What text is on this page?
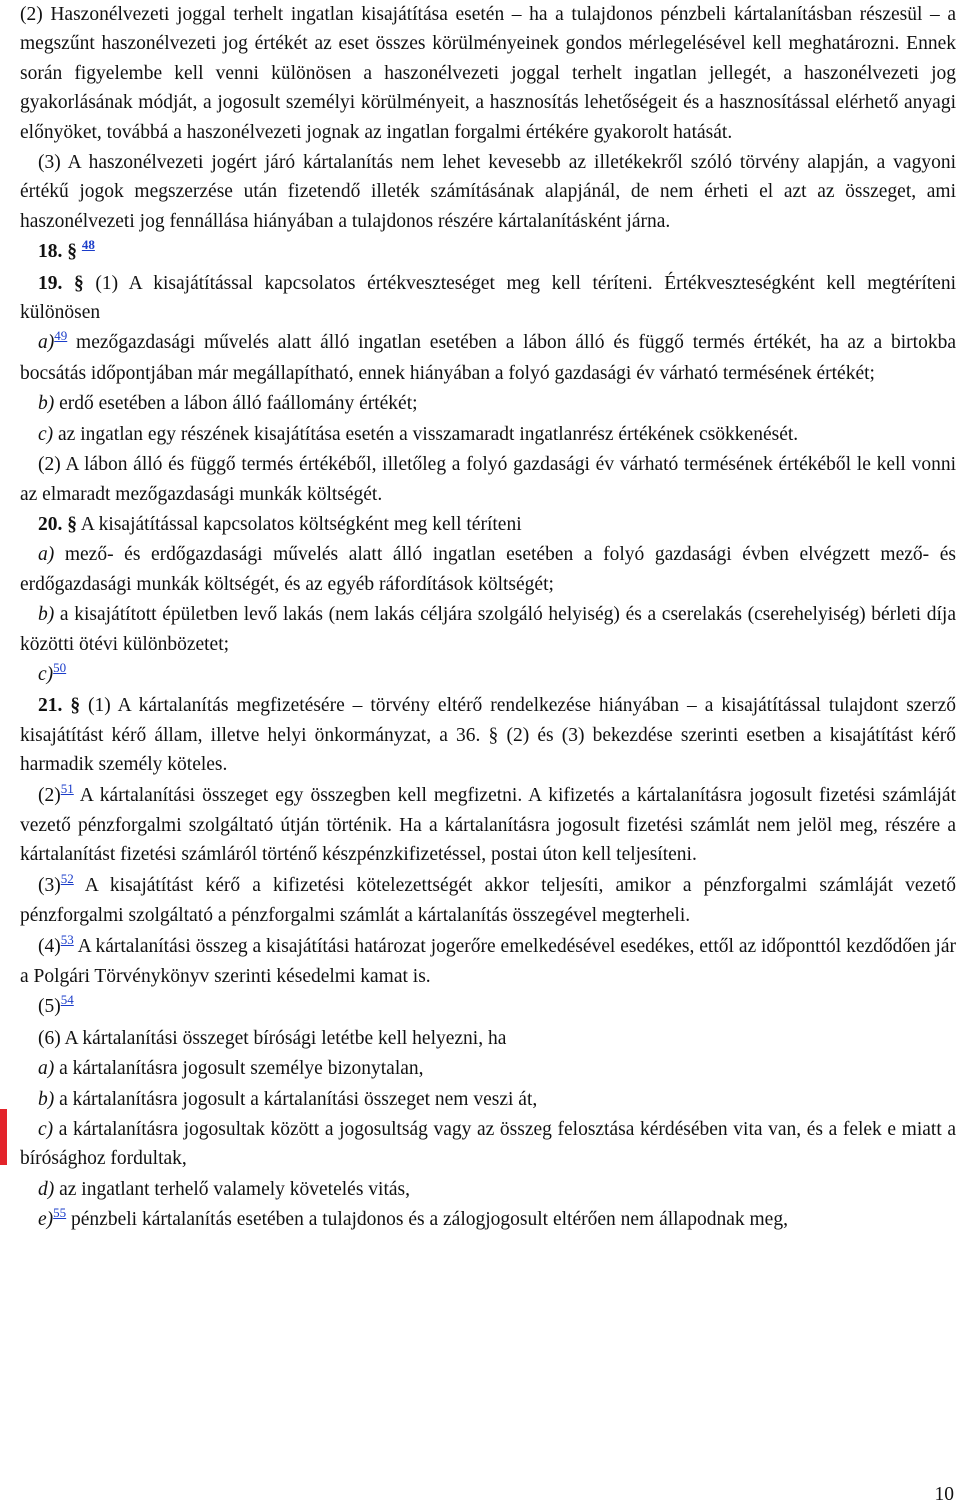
(2) Haszonélvezeti joggal terhelt ingatlan kisajátítása esetén – ha a tulajdonos pénzbeli kártalanításban részesül – a megszűnt haszonélvezeti jog értékét az eset összes körülményeinek gondos mérlegelésével kell meghatározni. Ennek során figyelembe kell venni különösen a haszonélvezeti joggal terhelt ingatlan jellegét, a haszonélvezeti jog gyakorlásának módját, a jogosult személyi körülményeit, a hasznosítás lehetőségeit és a hasznosítással elérhető anyagi előnyöket, továbbá a haszonélvezeti jognak az ingatlan forgalmi értékére gyakorolt hatását.

(3) A haszonélvezeti jogért járó kártalanítás nem lehet kevesebb az illetékekről szóló törvény alapján, a vagyoni értékű jogok megszerzése után fizetendő illeték számításának alapjánál, de nem érheti el azt az összeget, ami haszonélvezeti jog fennállása hiányában a tulajdonos részére kártalanításként járna.

18. § $^{48}$

19. § (1) A kisajátítással kapcsolatos értékveszteséget meg kell téríteni. Értékveszteségként kell megtéríteni különösen

a)$^{49}$ mezőgazdasági művelés alatt álló ingatlan esetében a lábon álló és függő termés értékét, ha az a birtokba bocsátás időpontjában már megállapítható, ennek hiányában a folyó gazdasági év várható termésének értékét;

b) erdő esetében a lábon álló faállomány értékét;

c) az ingatlan egy részének kisajátítása esetén a visszamaradt ingatlanrész értékének csökkenését.

(2) A lábon álló és függő termés értékéből, illetőleg a folyó gazdasági év várható termésének értékéből le kell vonni az elmaradt mezőgazdasági munkák költségét.

20. § A kisajátítással kapcsolatos költségként meg kell téríteni

a) mező- és erdőgazdasági művelés alatt álló ingatlan esetében a folyó gazdasági évben elvégzett mező- és erdőgazdasági munkák költségét, és az egyéb ráfordítások költségét;

b) a kisajátított épületben levő lakás (nem lakás céljára szolgáló helyiség) és a cserelakás (cserehelyiség) bérleti díja közötti ötévi különbözetet;

c)$^{50}$

21. § (1) A kártalanítás megfizetésére – törvény eltérő rendelkezése hiányában – a kisajátítással tulajdont szerző kisajátítást kérő állam, illetve helyi önkormányzat, a 36. § (2) és (3) bekezdése szerinti esetben a kisajátítást kérő harmadik személy köteles.

(2)$^{51}$ A kártalanítási összeget egy összegben kell megfizetni. A kifizetés a kártalanításra jogosult fizetési számláját vezető pénzforgalmi szolgáltató útján történik. Ha a kártalanításra jogosult fizetési számlát nem jelöl meg, részére a kártalanítást fizetési számláról történő készpénzkifizetéssel, postai úton kell teljesíteni.

(3)$^{52}$ A kisajátítást kérő a kifizetési kötelezettségét akkor teljesíti, amikor a pénzforgalmi számláját vezető pénzforgalmi szolgáltató a pénzforgalmi számlát a kártalanítás összegével megterheli.

(4)$^{53}$ A kártalanítási összeg a kisajátítási határozat jogerőre emelkedésével esedékes, ettől az időponttól kezdődően jár a Polgári Törvénykönyv szerinti késedelmi kamat is.

(5)$^{54}$

(6) A kártalanítási összeget bírósági letétbe kell helyezni, ha

a) a kártalanításra jogosult személye bizonytalan,

b) a kártalanításra jogosult a kártalanítási összeget nem veszi át,

c) a kártalanításra jogosultak között a jogosultság vagy az összeg felosztása kérdésében vita van, és a felek e miatt a bírósághoz fordultak,

d) az ingatlant terhelő valamely követelés vitás,

e)$^{55}$ pénzbeli kártalanítás esetében a tulajdonos és a zálogjogosult eltérően nem állapodnak meg,

10
